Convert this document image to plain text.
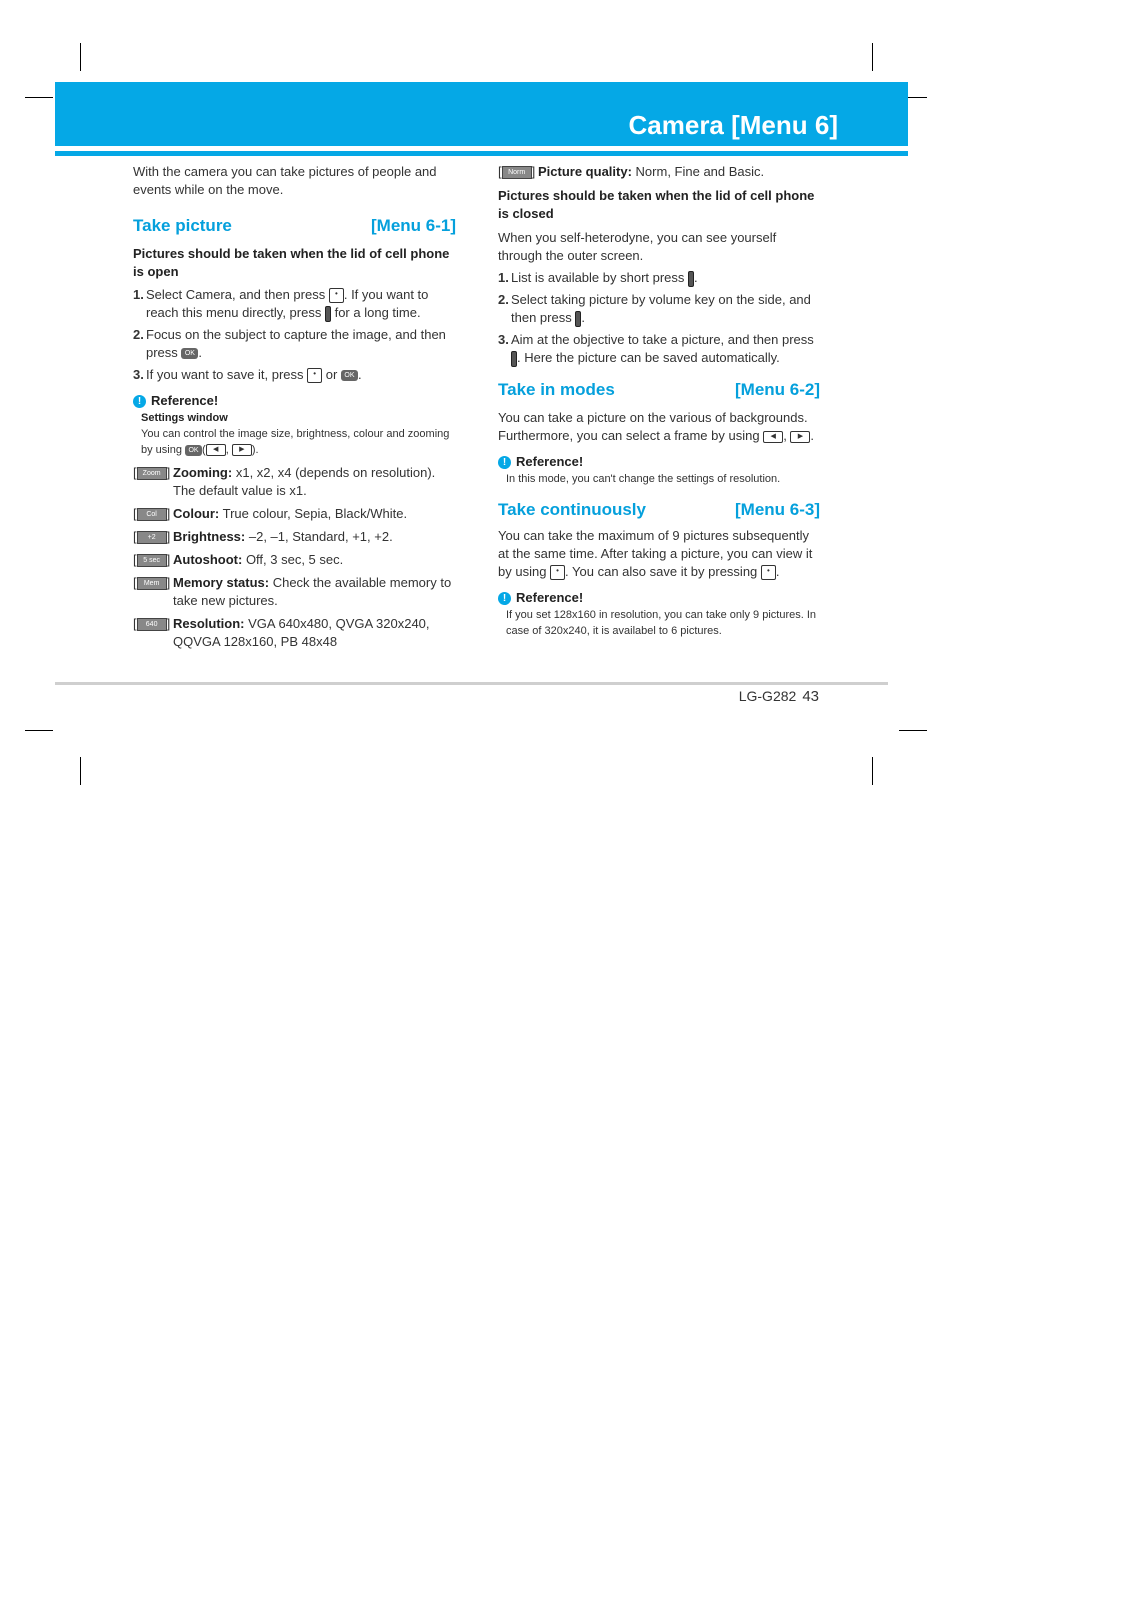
Camera [Menu 6]

With the camera you can take pictures of people and events while on the move.

Take picture	[Menu 6-1]

Pictures should be taken when the lid of cell phone is open

1. Select Camera, and then press • . If you want to reach this menu directly, press for a long time.
2. Focus on the subject to capture the image, and then press OK .
3. If you want to save it, press • or OK .
! Reference!
Settings window
You can control the image size, brightness, colour and zooming by using OK ( ◀ , ▶ ).
[ Zoom ] Zooming: x1, x2, x4 (depends on resolution). The default value is x1.
[	Col ] Colour: True colour, Sepia, Black/White.
[	+2 ] Brightness: –2, –1, Standard, +1, +2.
[ 5 sec ] Autoshoot: Off, 3 sec, 5 sec.
[	Mem ] Memory status: Check the available memory to take new pictures.
[	640 ] Resolution: VGA 640x480, QVGA 320x240, QQVGA 128x160, PB 48x48
[ Norm ] Picture quality: Norm, Fine and Basic.

Pictures should be taken when the lid of cell phone is closed

When you self-heterodyne, you can see yourself through the outer screen.

1. List is available by short press .
2. Select taking picture by volume key on the side, and then press .
3. Aim at the objective to take a picture, and then press . Here the picture can be saved automatically.
Take in modes	[Menu 6-2]

You can take a picture on the various of backgrounds. Furthermore, you can select a frame by using ◀ , ▶ .

! Reference!
In this mode, you can't change the settings of resolution.
Take continuously	[Menu 6-3]

You can take the maximum of 9 pictures subsequently at the same time. After taking a picture, you can view it by using • . You can also save it by pressing • .

! Reference!
If you set 128x160 in resolution, you can take only 9 pictures. In case of 320x240, it is availabel to 6 pictures.
LG-G282 43
